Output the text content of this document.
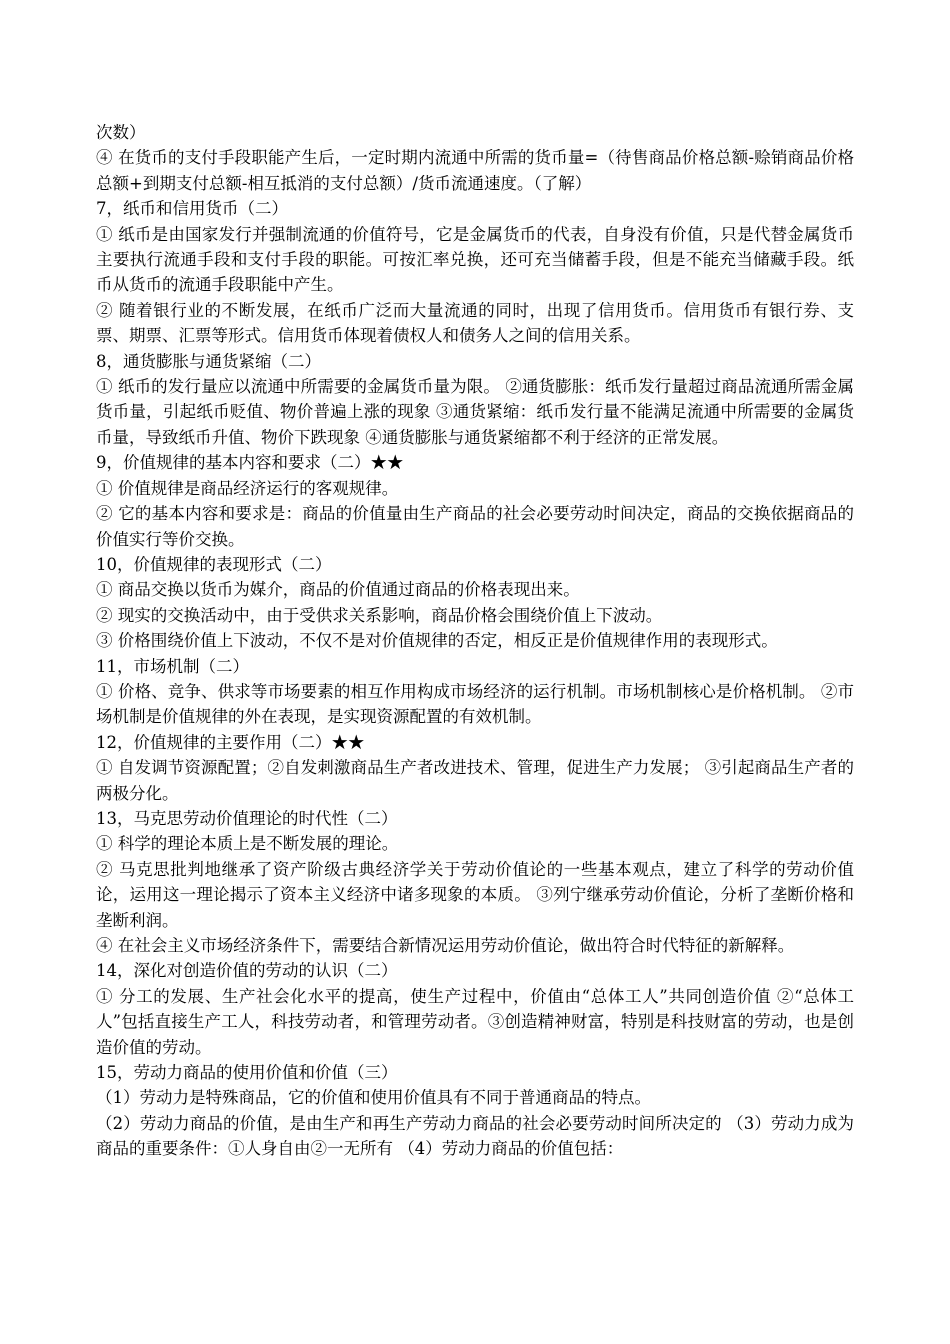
次数）

④ 在货币的支付手段职能产生后，一定时期内流通中所需的货币量=（待售商品价格总额-赊销商品价格总额+到期支付总额-相互抵消的支付总额）/货币流通速度。（了解）

7，纸币和信用货币（二）

① 纸币是由国家发行并强制流通的价值符号，它是金属货币的代表，自身没有价值，只是代替金属货币主要执行流通手段和支付手段的职能。可按汇率兑换，还可充当储蓄手段，但是不能充当储藏手段。纸币从货币的流通手段职能中产生。

② 随着银行业的不断发展，在纸币广泛而大量流通的同时，出现了信用货币。信用货币有银行券、支票、期票、汇票等形式。信用货币体现着债权人和债务人之间的信用关系。

8，通货膨胀与通货紧缩（二）

① 纸币的发行量应以流通中所需要的金属货币量为限。 ②通货膨胀：纸币发行量超过商品流通所需金属货币量，引起纸币贬值、物价普遍上涨的现象 ③通货紧缩：纸币发行量不能满足流通中所需要的金属货币量，导致纸币升值、物价下跌现象 ④通货膨胀与通货紧缩都不利于经济的正常发展。

9，价值规律的基本内容和要求（二）★★

① 价值规律是商品经济运行的客观规律。

② 它的基本内容和要求是：商品的价值量由生产商品的社会必要劳动时间决定，商品的交换依据商品的价值实行等价交换。

10，价值规律的表现形式（二）

① 商品交换以货币为媒介，商品的价值通过商品的价格表现出来。

② 现实的交换活动中，由于受供求关系影响，商品价格会围绕价值上下波动。

③ 价格围绕价值上下波动，不仅不是对价值规律的否定，相反正是价值规律作用的表现形式。

11，市场机制（二）

① 价格、竞争、供求等市场要素的相互作用构成市场经济的运行机制。市场机制核心是价格机制。 ②市场机制是价值规律的外在表现，是实现资源配置的有效机制。

12，价值规律的主要作用（二）★★

① 自发调节资源配置；②自发刺激商品生产者改进技术、管理，促进生产力发展； ③引起商品生产者的两极分化。

13，马克思劳动价值理论的时代性（二）

① 科学的理论本质上是不断发展的理论。

② 马克思批判地继承了资产阶级古典经济学关于劳动价值论的一些基本观点，建立了科学的劳动价值论，运用这一理论揭示了资本主义经济中诸多现象的本质。 ③列宁继承劳动价值论，分析了垄断价格和垄断利润。

④ 在社会主义市场经济条件下，需要结合新情况运用劳动价值论，做出符合时代特征的新解释。

14，深化对创造价值的劳动的认识（二）

① 分工的发展、生产社会化水平的提高，使生产过程中，价值由“总体工人”共同创造价值 ②“总体工人”包括直接生产工人，科技劳动者，和管理劳动者。③创造精神财富，特别是科技财富的劳动，也是创造价值的劳动。

15，劳动力商品的使用价值和价值（三）

（1）劳动力是特殊商品，它的价值和使用价值具有不同于普通商品的特点。

（2）劳动力商品的价值，是由生产和再生产劳动力商品的社会必要劳动时间所决定的 （3）劳动力成为商品的重要条件：①人身自由②一无所有 （4）劳动力商品的价值包括：
